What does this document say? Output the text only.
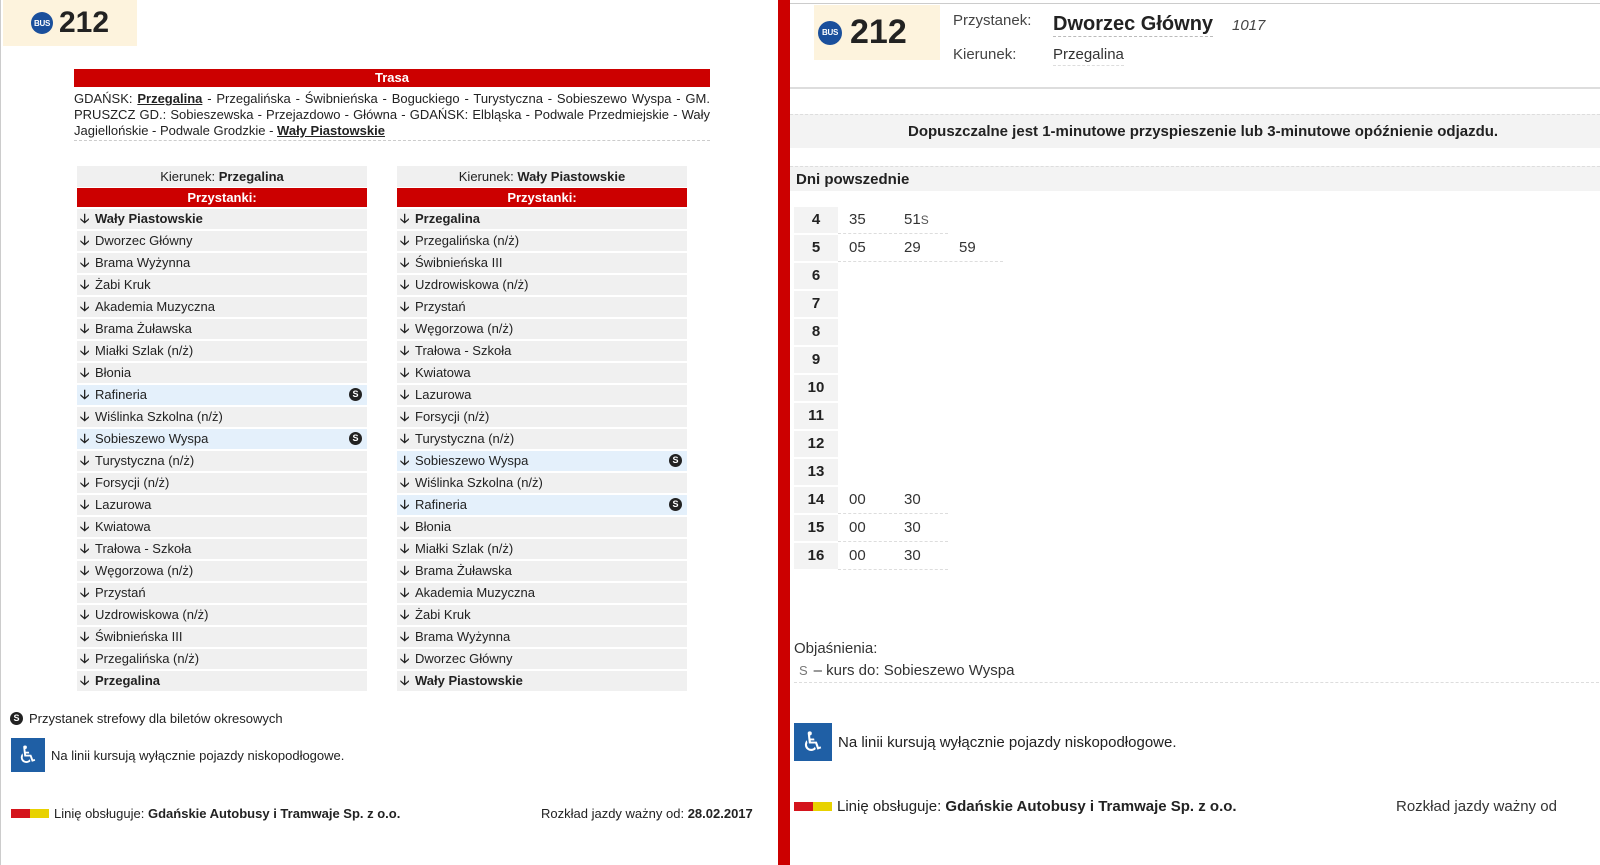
BUS 212
Trasa
GDAŃSK: Przegalina - Przegalińska - Świbnieńska - Boguckiego - Turystyczna - Sobieszewo Wyspa - GM. PRUSZCZ GD.: Sobieszewska - Przejazdowo - Główna - GDAŃSK: Elbląska - Podwale Przedmiejskie - Wały Jagiellońskie - Podwale Grodzkie - Wały Piastowskie
Kierunek: Przegalina
Przystanki:
🡣 Wały Piastowskie
🡣 Dworzec Główny
🡣 Brama Wyżynna
🡣 Żabi Kruk
🡣 Akademia Muzyczna
🡣 Brama Żuławska
🡣 Miałki Szlak (n/ż)
🡣 Błonia
🡣 Rafineria	S
🡣 Wiślinka Szkolna (n/ż)
🡣 Sobieszewo Wyspa	S
🡣 Turystyczna (n/ż)
🡣 Forsycji (n/ż)
🡣 Lazurowa
🡣 Kwiatowa
🡣 Trałowa - Szkoła
🡣 Węgorzowa (n/ż)
🡣 Przystań
🡣 Uzdrowiskowa (n/ż)
🡣 Świbnieńska III
🡣 Przegalińska (n/ż)
🡣 Przegalina
Kierunek: Wały Piastowskie
Przystanki:
🡣 Przegalina
🡣 Przegalińska (n/ż)
🡣 Świbnieńska III
🡣 Uzdrowiskowa (n/ż)
🡣 Przystań
🡣 Węgorzowa (n/ż)
🡣 Trałowa - Szkoła
🡣 Kwiatowa
🡣 Lazurowa
🡣 Forsycji (n/ż)
🡣 Turystyczna (n/ż)
🡣 Sobieszewo Wyspa	S
🡣 Wiślinka Szkolna (n/ż)
🡣 Rafineria	S
🡣 Błonia
🡣 Miałki Szlak (n/ż)
🡣 Brama Żuławska
🡣 Akademia Muzyczna
🡣 Żabi Kruk
🡣 Brama Wyżynna
🡣 Dworzec Główny
🡣 Wały Piastowskie
S Przystanek strefowy dla biletów okresowych
♿ Na linii kursują wyłącznie pojazdy niskopodłogowe.
Linię obsługuje:
Gdańskie Autobusy i Tramwaje Sp. z o.o.	Rozkład jazdy ważny od: 28.02.2017
BUS 212	Przystanek: Dworzec Główny 1017
Kierunek: Przegalina
Dopuszczalne jest 1-minutowe przyspieszenie lub 3-minutowe opóźnienie odjazdu.
Dni powszednie
4	35	51S
5	05	29	59
6
7
8
9
10
11
12
13
14	00	30
15	00	30
16	00	30
Objaśnienia:
S – kurs do: Sobieszewo Wyspa
♿ Na linii kursują wyłącznie pojazdy niskopodłogowe.
Linię obsługuje:
Gdańskie Autobusy i Tramwaje Sp. z o.o.	Rozkład jazdy ważny od
